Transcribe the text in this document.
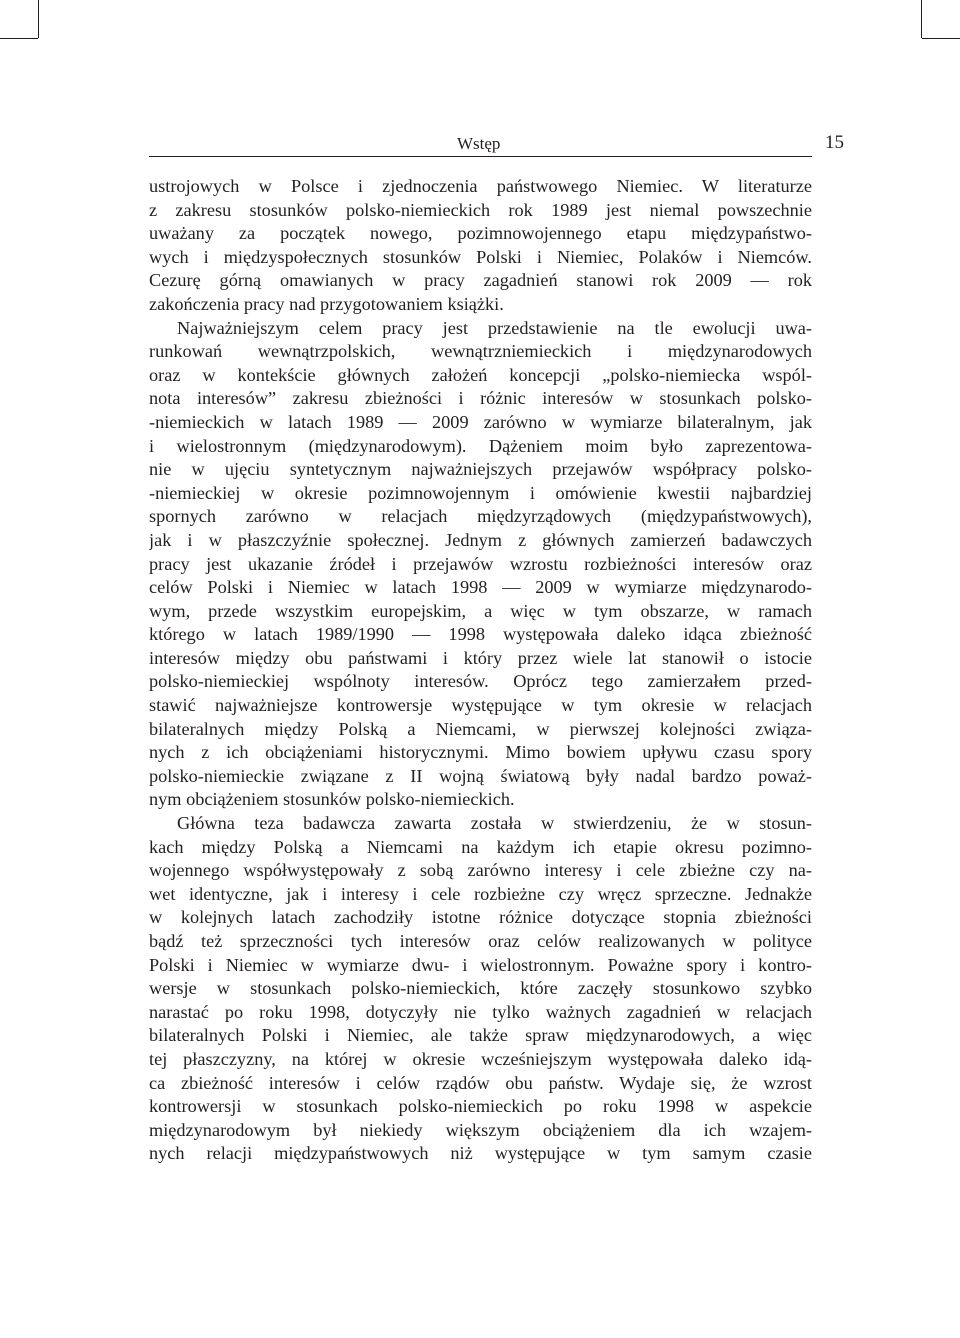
Wstęp	15
ustrojowych w Polsce i zjednoczenia państwowego Niemiec. W literaturze
z zakresu stosunków polsko-niemieckich rok 1989 jest niemal powszechnie
uważany za początek nowego, pozimnowojennego etapu międzypaństwo-
wych i międzyspołecznych stosunków Polski i Niemiec, Polaków i Niemców.
Cezurę górną omawianych w pracy zagadnień stanowi rok 2009 — rok
zakończenia pracy nad przygotowaniem książki.
Najważniejszym celem pracy jest przedstawienie na tle ewolucji uwa-
runkowań wewnątrzpolskich, wewnątrzniemieckich i międzynarodowych
oraz w kontekście głównych założeń koncepcji „polsko-niemiecka wspól-
nota interesów” zakresu zbieżności i różnic interesów w stosunkach polsko-
-niemieckich w latach 1989 — 2009 zarówno w wymiarze bilateralnym, jak
i wielostronnym (międzynarodowym). Dążeniem moim było zaprezentowa-
nie w ujęciu syntetycznym najważniejszych przejawów współpracy polsko-
-niemieckiej w okresie pozimnowojennym i omówienie kwestii najbardziej
spornych zarówno w relacjach międzyrządowych (międzypaństwowych),
jak i w płaszczyźnie społecznej. Jednym z głównych zamierzeń badawczych
pracy jest ukazanie źródeł i przejawów wzrostu rozbieżności interesów oraz
celów Polski i Niemiec w latach 1998 — 2009 w wymiarze międzynarodo-
wym, przede wszystkim europejskim, a więc w tym obszarze, w ramach
którego w latach 1989/1990 — 1998 występowała daleko idąca zbieżność
interesów między obu państwami i który przez wiele lat stanowił o istocie
polsko-niemieckiej wspólnoty interesów. Oprócz tego zamierzałem przed-
stawić najważniejsze kontrowersje występujące w tym okresie w relacjach
bilateralnych między Polską a Niemcami, w pierwszej kolejności związa-
nych z ich obciążeniami historycznymi. Mimo bowiem upływu czasu spory
polsko-niemieckie związane z II wojną światową były nadal bardzo poważ-
nym obciążeniem stosunków polsko-niemieckich.
Główna teza badawcza zawarta została w stwierdzeniu, że w stosun-
kach między Polską a Niemcami na każdym ich etapie okresu pozimno-
wojennego współwystępowały z sobą zarówno interesy i cele zbieżne czy na-
wet identyczne, jak i interesy i cele rozbieżne czy wręcz sprzeczne. Jednakże
w kolejnych latach zachodziły istotne różnice dotyczące stopnia zbieżności
bądź też sprzeczności tych interesów oraz celów realizowanych w polityce
Polski i Niemiec w wymiarze dwu- i wielostronnym. Poważne spory i kontro-
wersje w stosunkach polsko-niemieckich, które zaczęły stosunkowo szybko
narastać po roku 1998, dotyczyły nie tylko ważnych zagadnień w relacjach
bilateralnych Polski i Niemiec, ale także spraw międzynarodowych, a więc
tej płaszczyzny, na której w okresie wcześniejszym występowała daleko idą-
ca zbieżność interesów i celów rządów obu państw. Wydaje się, że wzrost
kontrowersji w stosunkach polsko-niemieckich po roku 1998 w aspekcie
międzynarodowym był niekiedy większym obciążeniem dla ich wzajem-
nych relacji międzypaństwowych niż występujące w tym samym czasie
